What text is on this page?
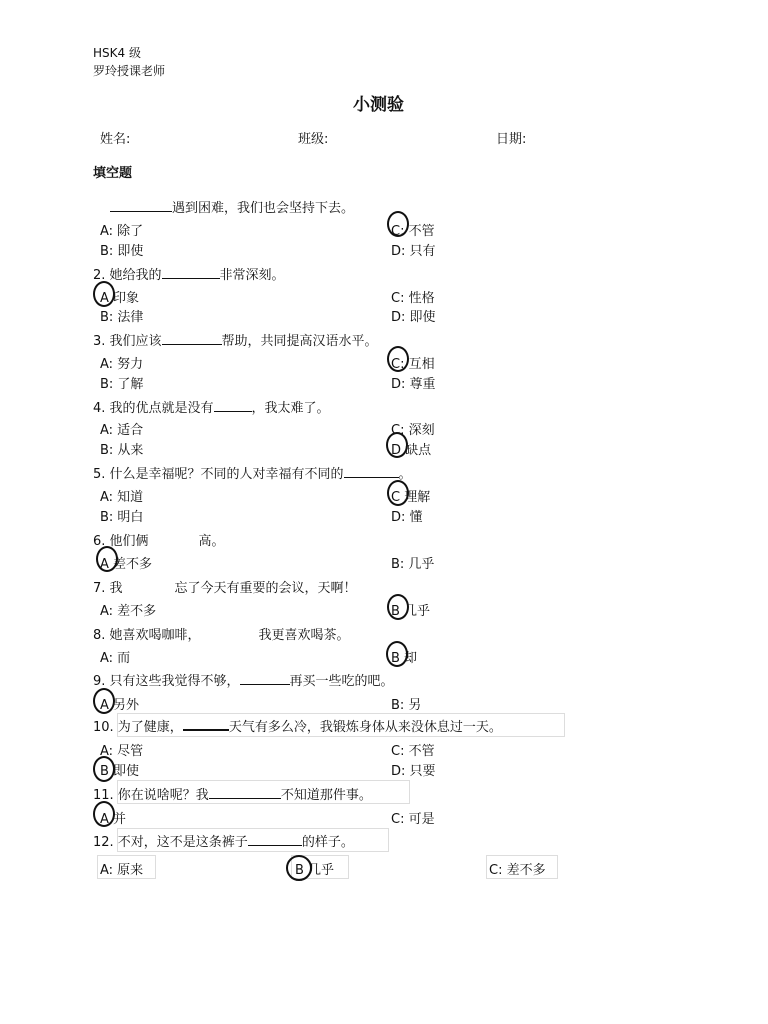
HSK4 级
罗玲授课老师
小测验
姓名:	班级:	日期:
填空题
遇到困难，我们也会坚持下去。
A: 除了
B: 即使
C: 不管
D: 只有
2. 她给我的	非常深刻。
A 印象
B: 法律
C: 性格
D: 即使
3. 我们应该	帮助，共同提高汉语水平。
A: 努力
B: 了解
C: 互相
D: 尊重
4. 我的优点就是没有	，我太难了。
A: 适合
B: 从来
C: 深刻
D 缺点
5. 什么是幸福呢？不同的人对幸福有不同的	。
A: 知道
B: 明白
C 理解
D: 懂
6. 他们俩	高。
A 差不多	B: 几乎
7. 我	忘了今天有重要的会议，天啊！
A: 差不多	B 几乎
8. 她喜欢喝咖啡，	我更喜欢喝茶。
A: 而	B 却
9. 只有这些我觉得不够，	再买一些吃的吧。
A 另外	B: 另
10. 为了健康，	天气有多么冷，我锻炼身体从来没休息过一天。
A: 尽管
B 即使
C: 不管
D: 只要
11. 你在说啥呢？我	不知道那件事。
A 并	C: 可是
12. 不对，这不是这条裤子	的样子。
A: 原来	B 几乎	C: 差不多
